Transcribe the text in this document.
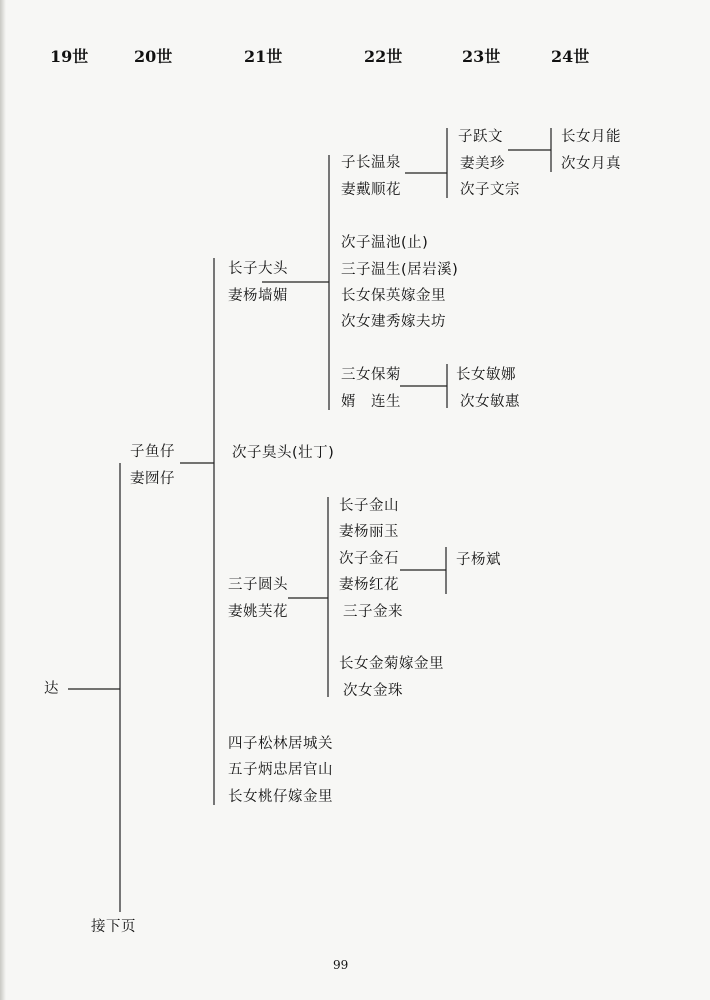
19世	20世	21世	22世	23世	24世
达
子鱼仔
妻囫仔
长子大头
妻杨墙媚
次子臭头(壮丁)
三子圆头
妻姚芙花
四子松林居城关
五子炳忠居官山
长女桃仔嫁金里
子长温泉
妻戴顺花
次子温池(止)
三子温生(居岩溪)
长女保英嫁金里
次女建秀嫁夫坊
三女保菊
婿　连生
子跃文
妻美珍
次子文宗
长女敏娜
次女敏惠
长女月能
次女月真
长子金山
妻杨丽玉
次子金石
妻杨红花
三子金来
长女金菊嫁金里
次女金珠
子杨斌
接下页
99
